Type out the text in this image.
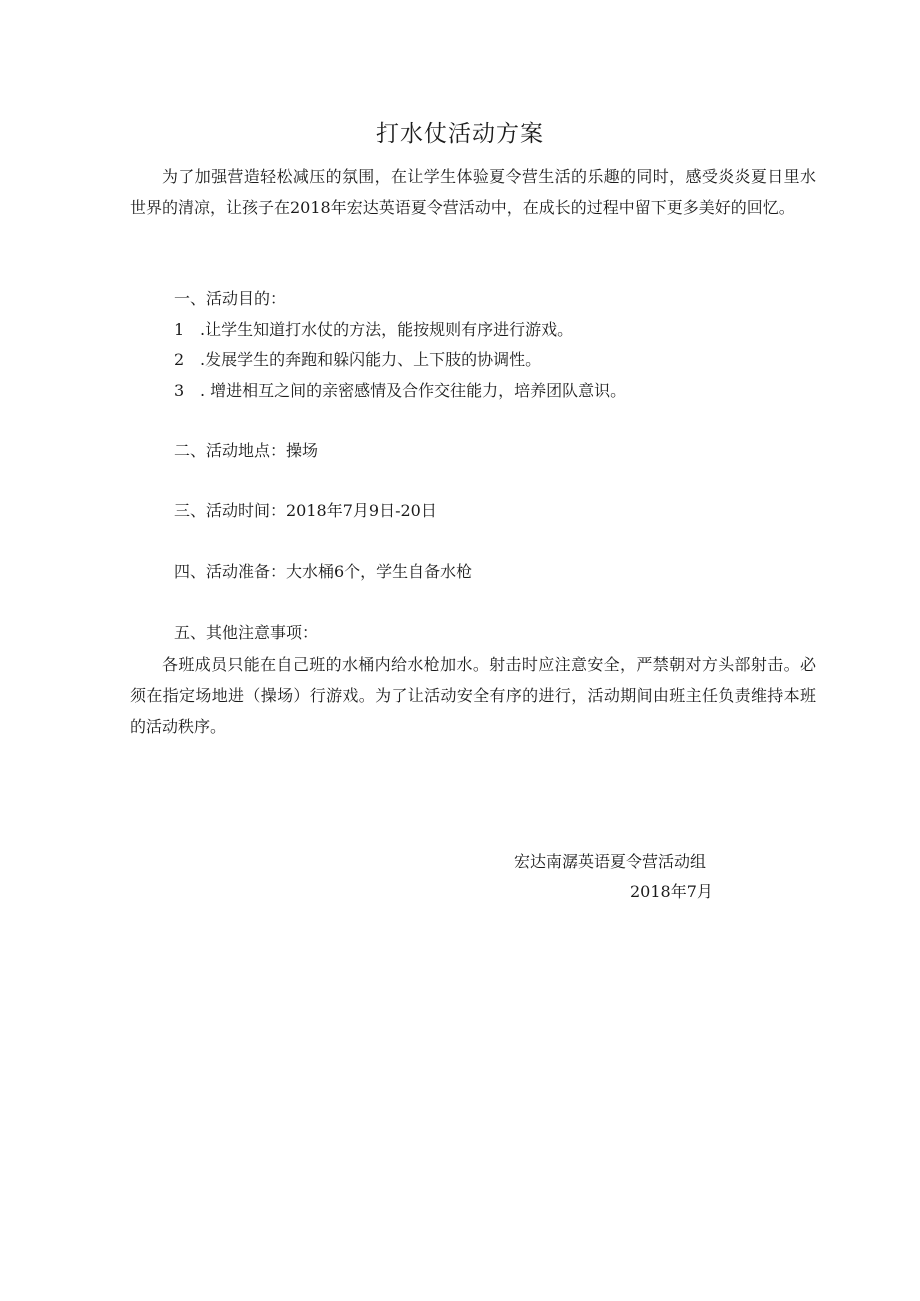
打水仗活动方案
为了加强营造轻松减压的氛围，在让学生体验夏令营生活的乐趣的同时，感受炎炎夏日里水世界的清凉，让孩子在2018年宏达英语夏令营活动中，在成长的过程中留下更多美好的回忆。
一、活动目的：
1 .让学生知道打水仗的方法，能按规则有序进行游戏。
2 .发展学生的奔跑和躲闪能力、上下肢的协调性。
3 . 增进相互之间的亲密感情及合作交往能力，培养团队意识。
二、活动地点：操场
三、活动时间：2018年7月9日-20日
四、活动准备：大水桶6个，学生自备水枪
五、其他注意事项：
各班成员只能在自己班的水桶内给水枪加水。射击时应注意安全，严禁朝对方头部射击。必须在指定场地进（操场）行游戏。为了让活动安全有序的进行，活动期间由班主任负责维持本班的活动秩序。
宏达南潺英语夏令营活动组
2018年7月
